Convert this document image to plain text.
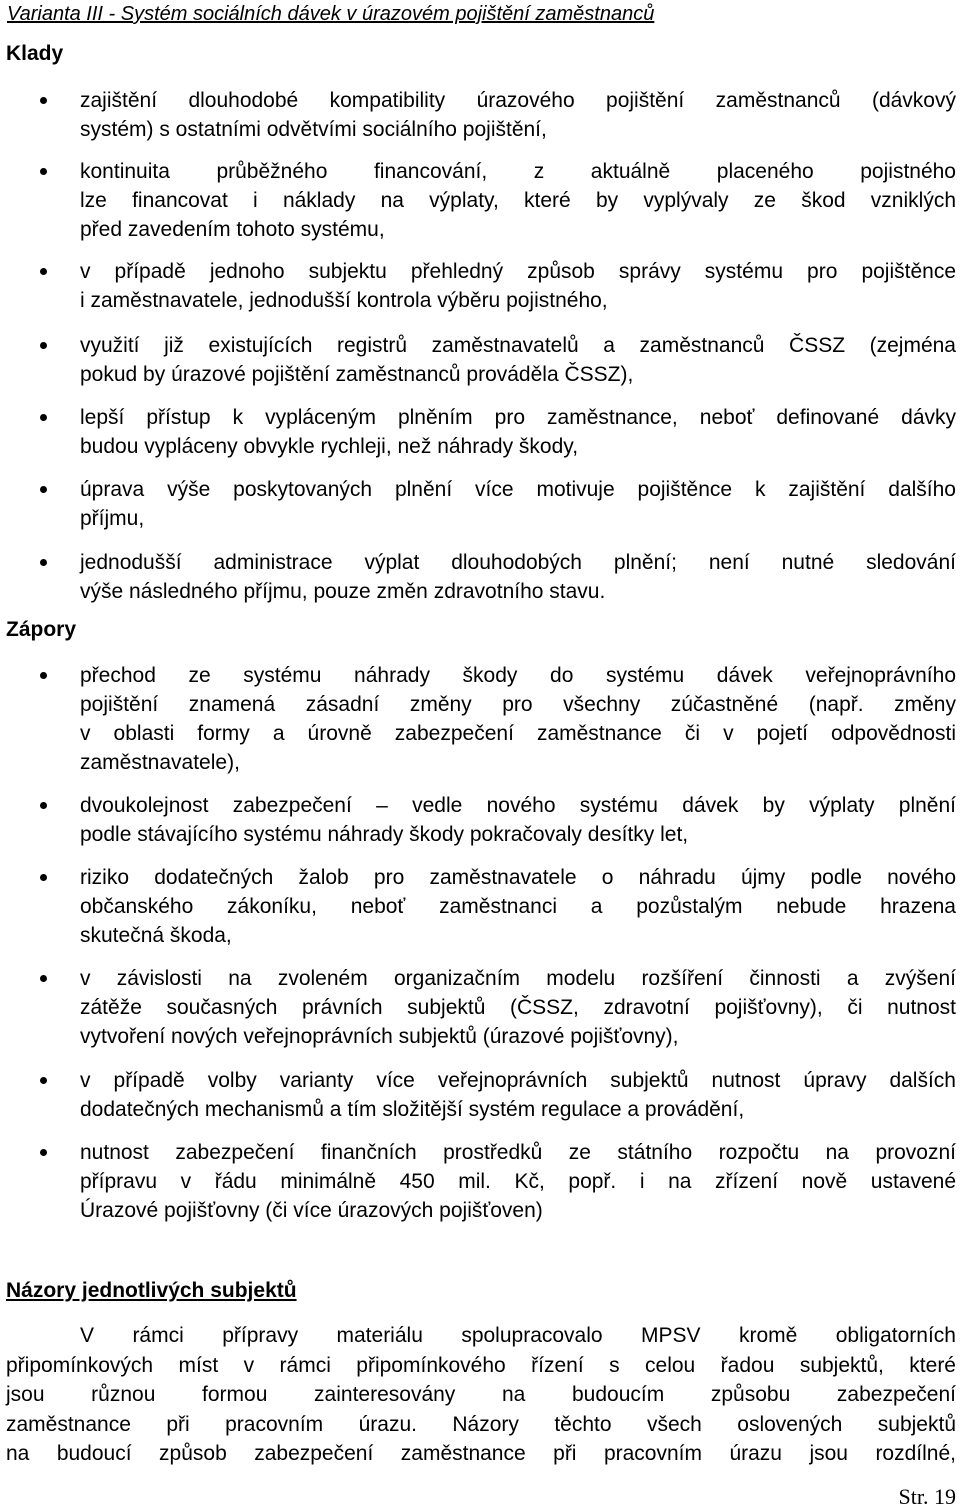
Varianta III - Systém sociálních dávek v úrazovém pojištění zaměstnanců
Klady
zajištění dlouhodobé kompatibility úrazového pojištění zaměstnanců (dávkový
systém) s ostatními odvětvími sociálního pojištění,
kontinuita průběžného financování, z aktuálně placeného pojistného
lze financovat i náklady na výplaty, které by vyplývaly ze škod vzniklých
před zavedením tohoto systému,
v případě jednoho subjektu přehledný způsob správy systému pro pojištěnce
i zaměstnavatele, jednodušší kontrola výběru pojistného,
využití již existujících registrů zaměstnavatelů a zaměstnanců ČSSZ (zejména
pokud by úrazové pojištění zaměstnanců prováděla ČSSZ),
lepší přístup k vypláceným plněním pro zaměstnance, neboť definované dávky
budou vypláceny obvykle rychleji, než náhrady škody,
úprava výše poskytovaných plnění více motivuje pojištěnce k zajištění dalšího
příjmu,
jednodušší administrace výplat dlouhodobých plnění; není nutné sledování
výše následného příjmu, pouze změn zdravotního stavu.
Zápory
přechod ze systému náhrady škody do systému dávek veřejnoprávního
pojištění znamená zásadní změny pro všechny zúčastněné (např. změny
v oblasti formy a úrovně zabezpečení zaměstnance či v pojetí odpovědnosti
zaměstnavatele),
dvoukolejnost zabezpečení – vedle nového systému dávek by výplaty plnění
podle stávajícího systému náhrady škody pokračovaly desítky let,
riziko dodatečných žalob pro zaměstnavatele o náhradu újmy podle nového
občanského zákoníku, neboť zaměstnanci a pozůstalým nebude hrazena
skutečná škoda,
v závislosti na zvoleném organizačním modelu rozšíření činnosti a zvýšení
zátěže současných právních subjektů (ČSSZ, zdravotní pojišťovny), či nutnost
vytvoření nových veřejnoprávních subjektů (úrazové pojišťovny),
v případě volby varianty více veřejnoprávních subjektů nutnost úpravy dalších
dodatečných mechanismů a tím složitější systém regulace a provádění,
nutnost zabezpečení finančních prostředků ze státního rozpočtu na provozní
přípravu v řádu minimálně 450 mil. Kč, popř. i na zřízení nově ustavené
Úrazové pojišťovny (či více úrazových pojišťoven)
Názory jednotlivých subjektů

V rámci přípravy materiálu spolupracovalo MPSV kromě obligatorních
připomínkových míst v rámci připomínkového řízení s celou řadou subjektů, které
jsou různou formou zainteresovány na budoucím způsobu zabezpečení
zaměstnance při pracovním úrazu. Názory těchto všech oslovených subjektů
na budoucí způsob zabezpečení zaměstnance při pracovním úrazu jsou rozdílné,

Str. 19
